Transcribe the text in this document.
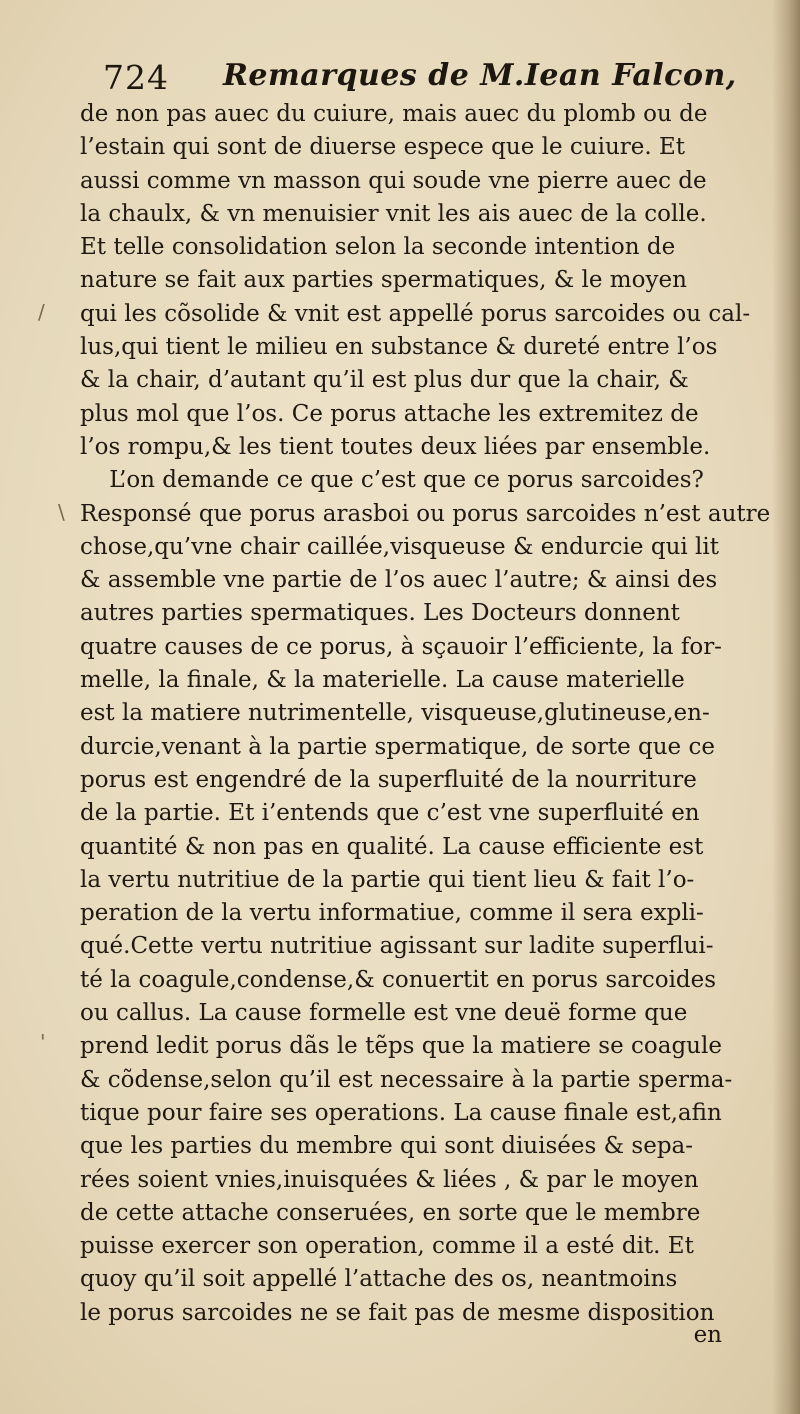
724 Remarques de M.Iean Falcon,
/
\
'
de non pas auec du cuiure, mais auec du plomb ou de
l’estain qui sont de diuerse espece que le cuiure. Et
aussi comme vn masson qui soude vne pierre auec de
la chaulx, & vn menuisier vnit les ais auec de la colle.
Et telle consolidation selon la seconde intention de
nature se fait aux parties spermatiques, & le moyen
qui les cõsolide & vnit est appellé porus sarcoides ou cal-
lus,qui tient le milieu en substance & dureté entre l’os
& la chair, d’autant qu’il est plus dur que la chair, &
plus mol que l’os. Ce porus attache les extremitez de
l’os rompu,& les tient toutes deux liées par ensemble.
L’on demande ce que c’est que ce porus sarcoides?
Responsé que porus arasboi ou porus sarcoides n’est autre
chose,qu’vne chair caillée,visqueuse & endurcie qui lit
& assemble vne partie de l’os auec l’autre; & ainsi des
autres parties spermatiques. Les Docteurs donnent
quatre causes de ce porus, à sçauoir l’efficiente, la for-
melle, la finale, & la materielle. La cause materielle
est la matiere nutrimentelle, visqueuse,glutineuse,en-
durcie,venant à la partie spermatique, de sorte que ce
porus est engendré de la superfluité de la nourriture
de la partie. Et i’entends que c’est vne superfluité en
quantité & non pas en qualité. La cause efficiente est
la vertu nutritiue de la partie qui tient lieu & fait l’o-
peration de la vertu informatiue, comme il sera expli-
qué.Cette vertu nutritiue agissant sur ladite superflui-
té la coagule,condense,& conuertit en porus sarcoides
ou callus. La cause formelle est vne deuë forme que
prend ledit porus dãs le tẽps que la matiere se coagule
& cõdense,selon qu’il est necessaire à la partie sperma-
tique pour faire ses operations. La cause finale est,afin
que les parties du membre qui sont diuisées & sepa-
rées soient vnies,inuisquées & liées , & par le moyen
de cette attache conseruées, en sorte que le membre
puisse exercer son operation, comme il a esté dit. Et
quoy qu’il soit appellé l’attache des os, neantmoins
le porus sarcoides ne se fait pas de mesme disposition
en
